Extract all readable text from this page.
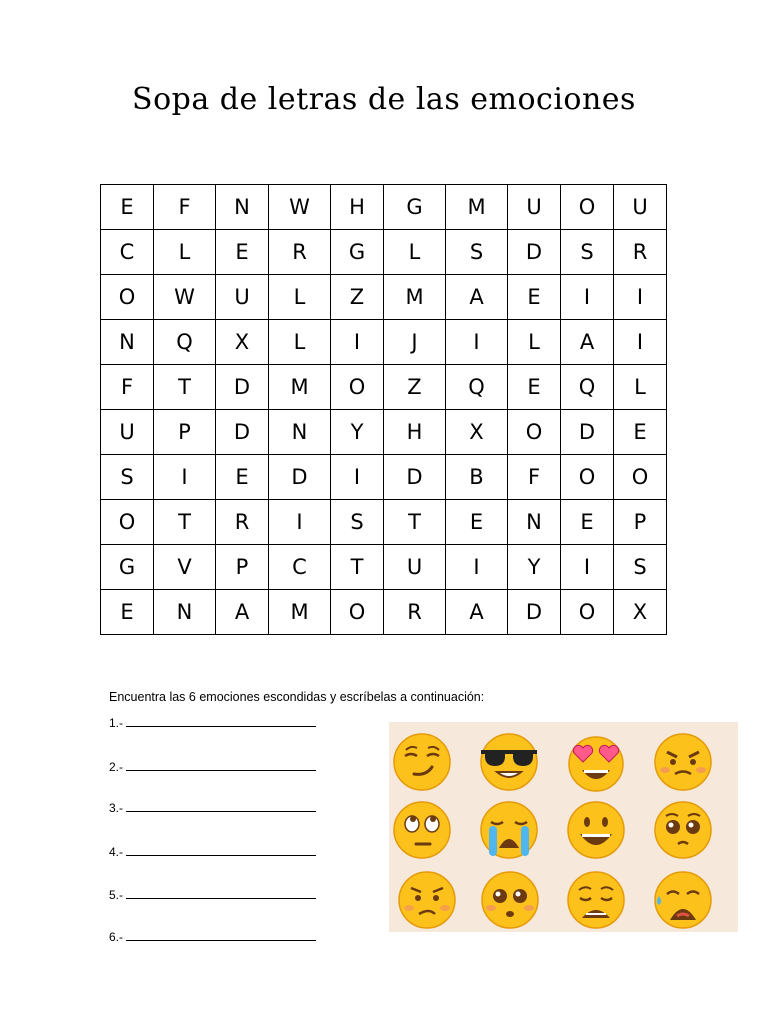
Sopa de letras de las emociones
E	F	N	W	H	G	M	U	O	U
C	L	E	R	G	L	S	D	S	R
O	W	U	L	Z	M	A	E	I	I
N	Q	X	L	I	J	I	L	A	I
F	T	D	M	O	Z	Q	E	Q	L
U	P	D	N	Y	H	X	O	D	E
S	I	E	D	I	D	B	F	O	O
O	T	R	I	S	T	E	N	E	P
G	V	P	C	T	U	I	Y	I	S
E	N	A	M	O	R	A	D	O	X
Encuentra las 6 emociones escondidas y escríbelas a continuación:
1.-
2.-
3.-
4.-
5.-
6.-
